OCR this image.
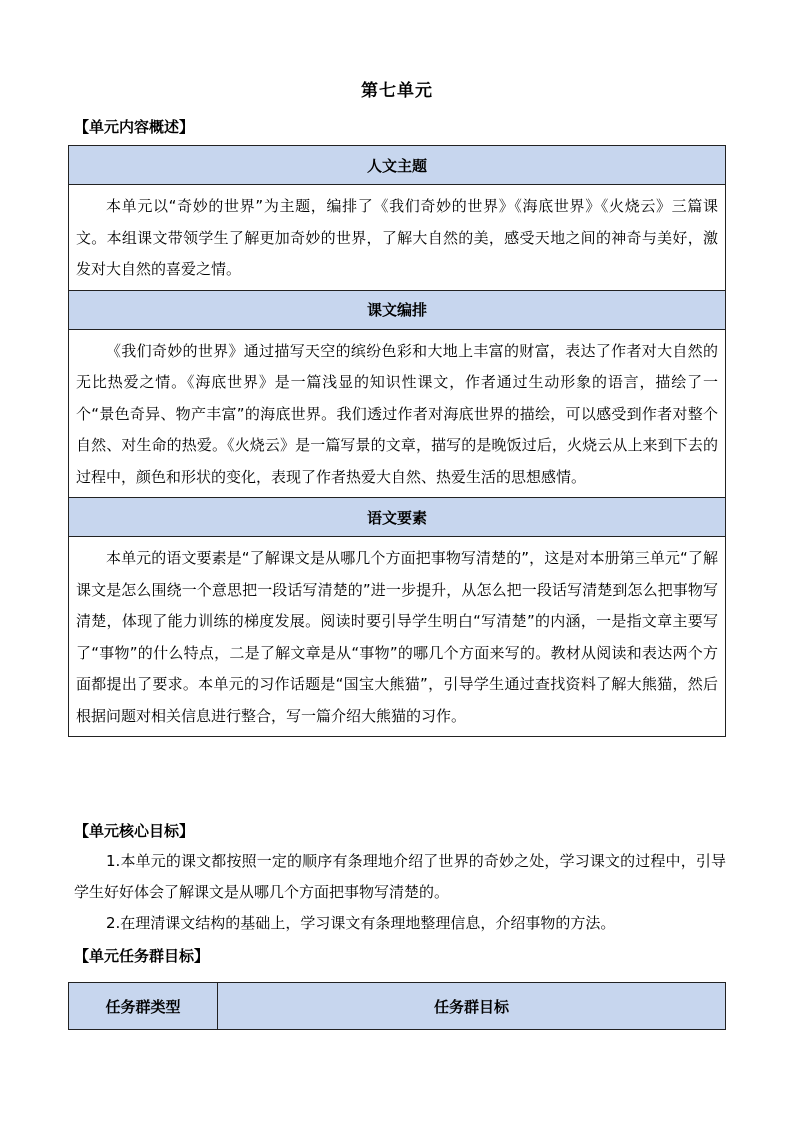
第七单元
【单元内容概述】
人文主题
本单元以“奇妙的世界”为主题，编排了《我们奇妙的世界》《海底世界》《火烧云》三篇课文。本组课文带领学生了解更加奇妙的世界，了解大自然的美，感受天地之间的神奇与美好，激发对大自然的喜爱之情。
课文编排
《我们奇妙的世界》通过描写天空的缤纷色彩和大地上丰富的财富，表达了作者对大自然的无比热爱之情。《海底世界》是一篇浅显的知识性课文，作者通过生动形象的语言，描绘了一个“景色奇异、物产丰富”的海底世界。我们透过作者对海底世界的描绘，可以感受到作者对整个自然、对生命的热爱。《火烧云》是一篇写景的文章，描写的是晚饭过后，火烧云从上来到下去的过程中，颜色和形状的变化，表现了作者热爱大自然、热爱生活的思想感情。
语文要素
本单元的语文要素是“了解课文是从哪几个方面把事物写清楚的”，这是对本册第三单元“了解课文是怎么围绕一个意思把一段话写清楚的”进一步提升，从怎么把一段话写清楚到怎么把事物写清楚，体现了能力训练的梯度发展。阅读时要引导学生明白“写清楚”的内涵，一是指文章主要写了“事物”的什么特点，二是了解文章是从“事物”的哪几个方面来写的。教材从阅读和表达两个方面都提出了要求。本单元的习作话题是“国宝大熊猫”，引导学生通过查找资料了解大熊猫，然后根据问题对相关信息进行整合，写一篇介绍大熊猫的习作。
【单元核心目标】

1.本单元的课文都按照一定的顺序有条理地介绍了世界的奇妙之处，学习课文的过程中，引导学生好好体会了解课文是从哪几个方面把事物写清楚的。

2.在理清课文结构的基础上，学习课文有条理地整理信息，介绍事物的方法。

【单元任务群目标】
任务群类型	任务群目标
